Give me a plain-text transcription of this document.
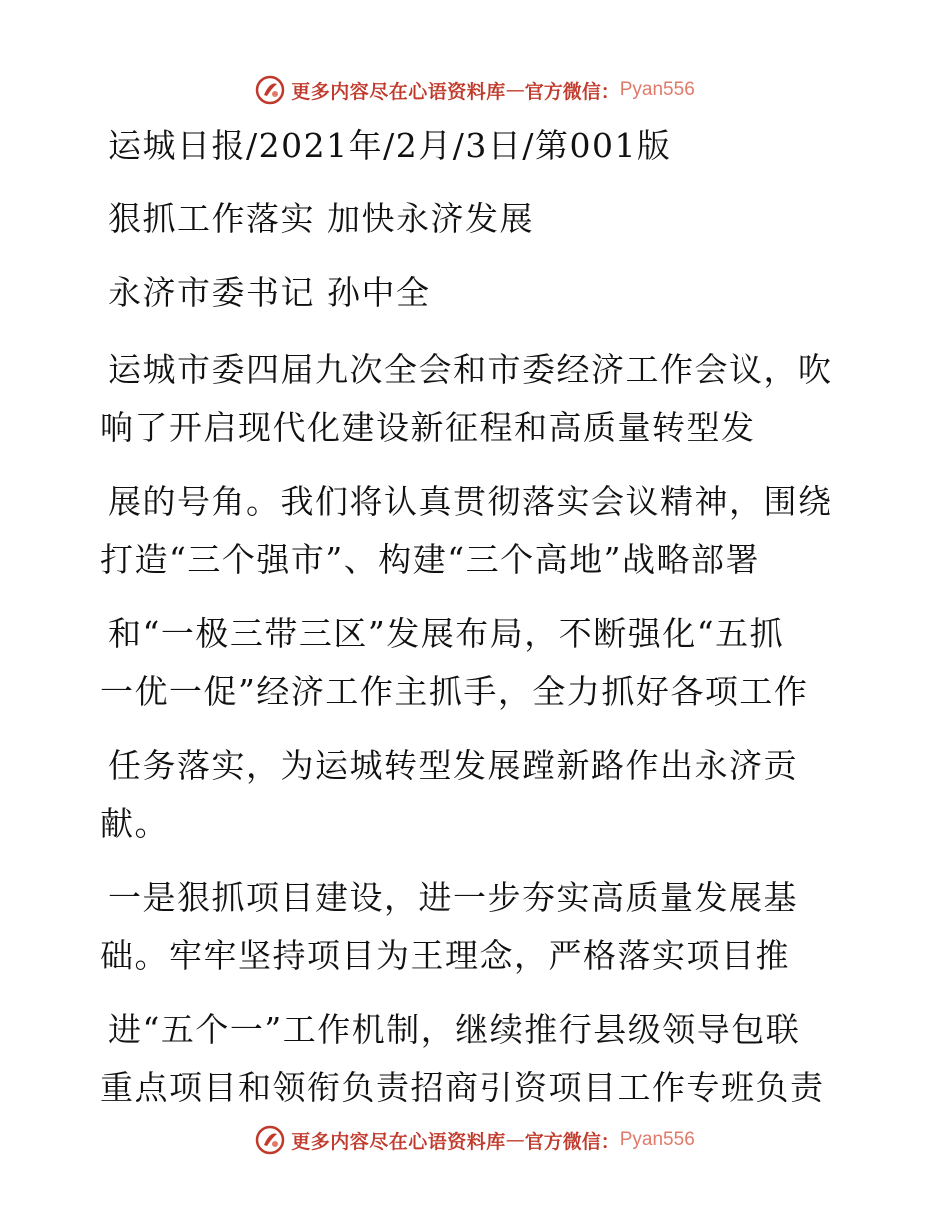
更多内容尽在心语资料库 — 官方微信： Pyan556
运城日报/2021年/2月/3日/第001版
狠抓工作落实 加快永济发展
永济市委书记 孙中全
运城市委四届九次全会和市委经济工作会议，吹
响了开启现代化建设新征程和高质量转型发
展的号角。我们将认真贯彻落实会议精神，围绕
打造“三个强市”、构建“三个高地”战略部署
和“一极三带三区”发展布局，不断强化“五抓
一优一促”经济工作主抓手，全力抓好各项工作
任务落实，为运城转型发展蹚新路作出永济贡
献。
一是狠抓项目建设，进一步夯实高质量发展基
础。牢牢坚持项目为王理念，严格落实项目推
进“五个一”工作机制，继续推行县级领导包联
重点项目和领衔负责招商引资项目工作专班负责
更多内容尽在心语资料库 — 官方微信： Pyan556
